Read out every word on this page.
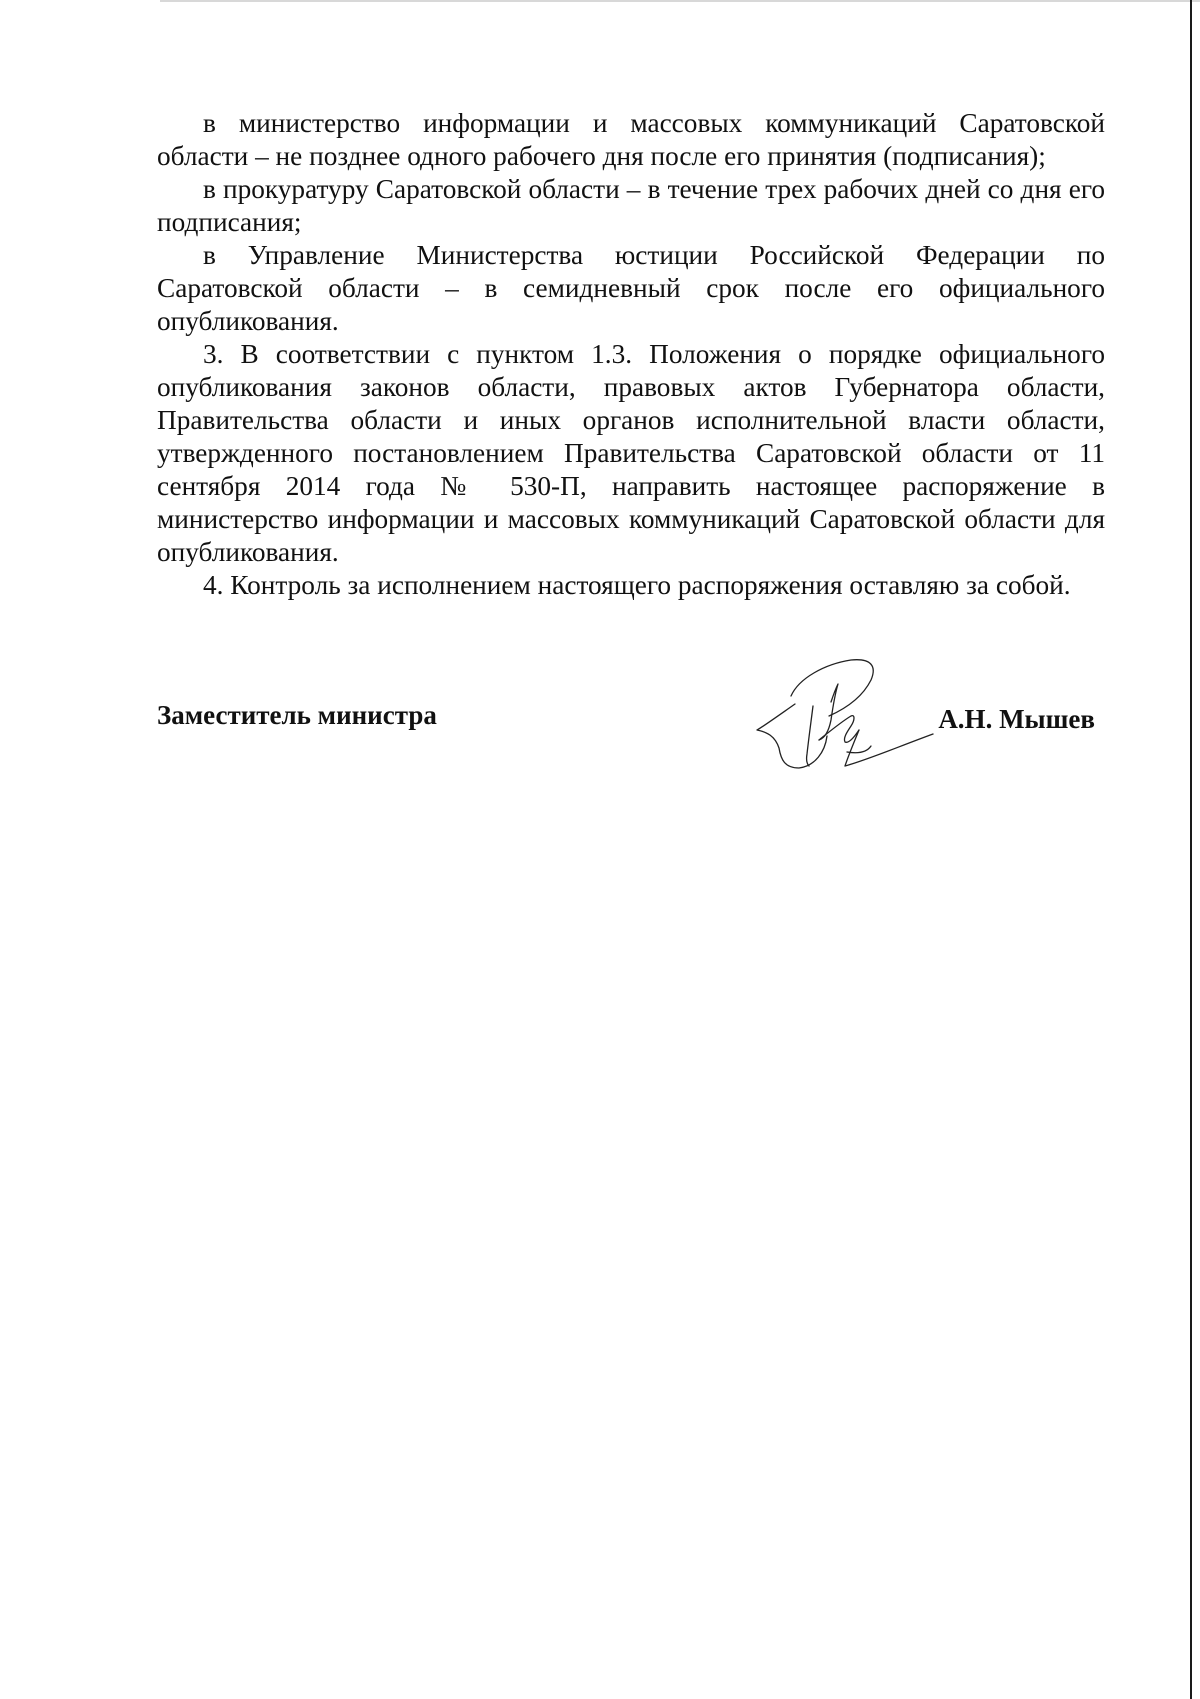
в министерство информации и массовых коммуникаций Саратовской области – не позднее одного рабочего дня после его принятия (подписания);

в прокуратуру Саратовской области – в течение трех рабочих дней со дня его подписания;

в Управление Министерства юстиции Российской Федерации по Саратовской области – в семидневный срок после его официального опубликования.

3. В соответствии с пунктом 1.3. Положения о порядке официального опубликования законов области, правовых актов Губернатора области, Правительства области и иных органов исполнительной власти области, утвержденного постановлением Правительства Саратовской области от 11 сентября 2014 года № 530-П, направить настоящее распоряжение в министерство информации и массовых коммуникаций Саратовской области для опубликования.

4. Контроль за исполнением настоящего распоряжения оставляю за собой.

Заместитель министра	А.Н. Мышев
